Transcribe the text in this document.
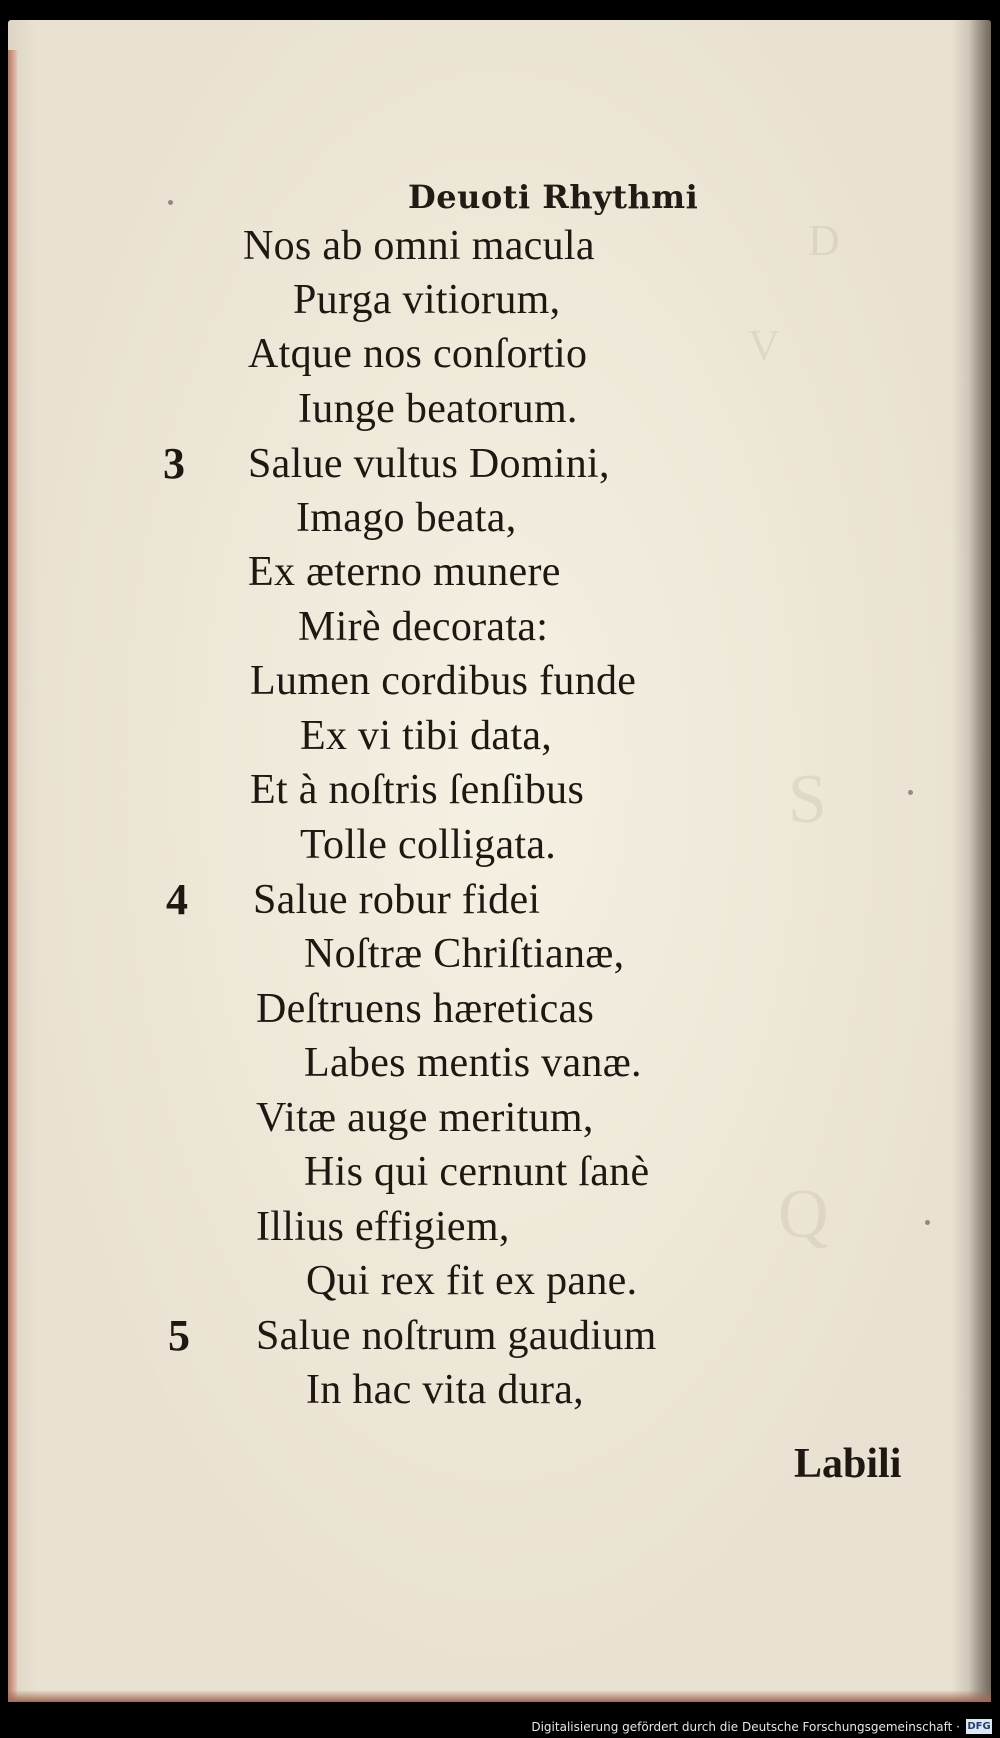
D
V
S
Q
Deuoti Rhythmi
Nos ab omni macula
Purga vitiorum,
Atque nos conſortio
Iunge beatorum.
3 Salue vultus Domini,
Imago beata,
Ex æterno munere
Mirè decorata:
Lumen cordibus funde
Ex vi tibi data,
Et à noſtris ſenſibus
Tolle colligata.
4 Salue robur fidei
Noſtræ Chriſtianæ,
Deſtruens hæreticas
Labes mentis vanæ.
Vitæ auge meritum,
His qui cernunt ſanè
Illius effigiem,
Qui rex fit ex pane.
5 Salue noſtrum gaudium
In hac vita dura,
Labili
Digitalisierung gefördert durch die Deutsche Forschungsgemeinschaft · DFG
